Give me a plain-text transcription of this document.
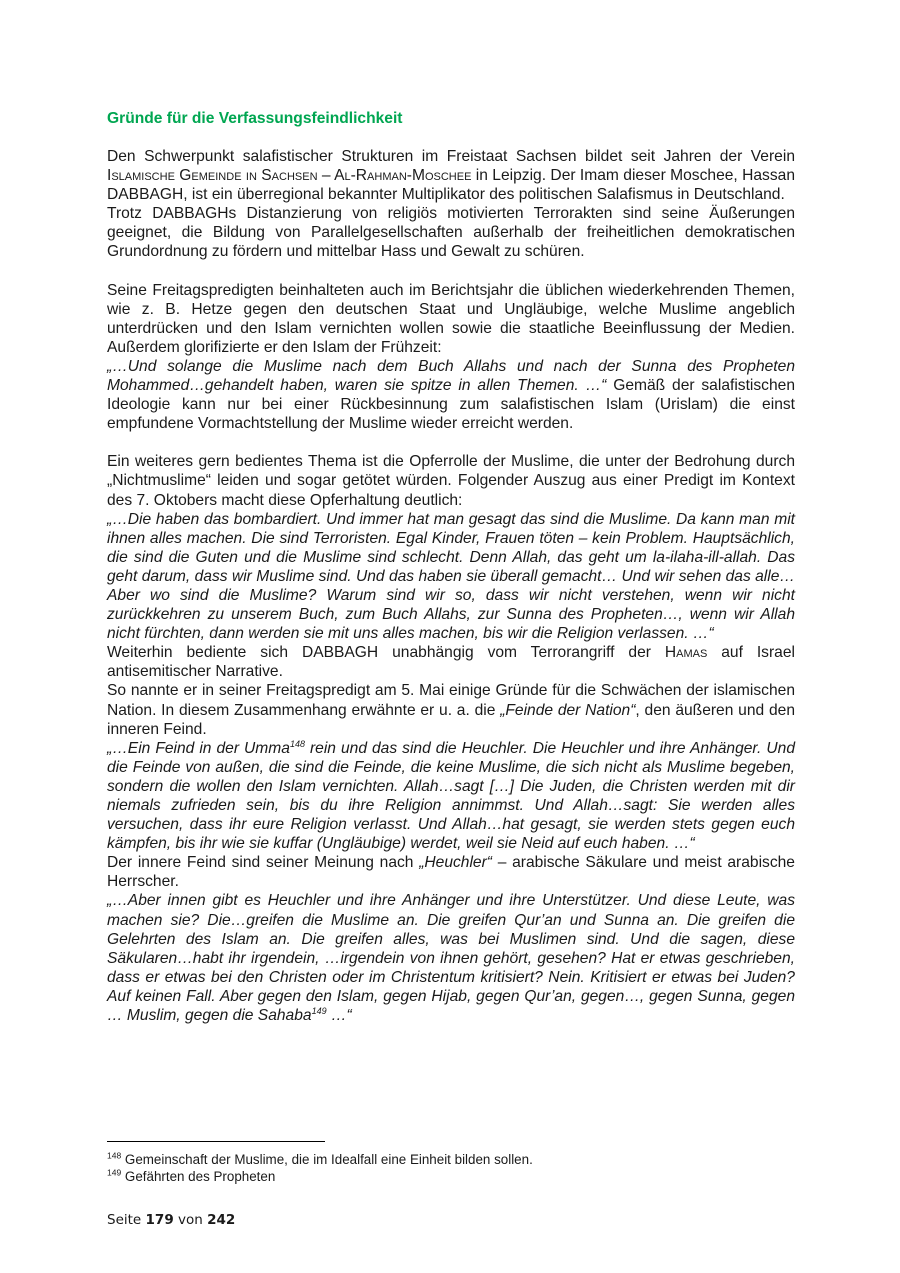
Gründe für die Verfassungsfeindlichkeit

Den Schwerpunkt salafistischer Strukturen im Freistaat Sachsen bildet seit Jahren der Verein Islamische Gemeinde in Sachsen – Al-Rahman-Moschee in Leipzig. Der Imam dieser Moschee, Hassan DABBAGH, ist ein überregional bekannter Multiplikator des politischen Salafismus in Deutschland.

Trotz DABBAGHs Distanzierung von religiös motivierten Terrorakten sind seine Äußerungen geeignet, die Bildung von Parallelgesellschaften außerhalb der freiheitlichen demokratischen Grundordnung zu fördern und mittelbar Hass und Gewalt zu schüren.

Seine Freitagspredigten beinhalteten auch im Berichtsjahr die üblichen wiederkehrenden Themen, wie z. B. Hetze gegen den deutschen Staat und Ungläubige, welche Muslime angeblich unterdrücken und den Islam vernichten wollen sowie die staatliche Beeinflussung der Medien. Außerdem glorifizierte er den Islam der Frühzeit:

„…Und solange die Muslime nach dem Buch Allahs und nach der Sunna des Propheten Mohammed…gehandelt haben, waren sie spitze in allen Themen. …“ Gemäß der salafistischen Ideologie kann nur bei einer Rückbesinnung zum salafistischen Islam (Urislam) die einst empfundene Vormachtstellung der Muslime wieder erreicht werden.

Ein weiteres gern bedientes Thema ist die Opferrolle der Muslime, die unter der Bedrohung durch „Nichtmuslime“ leiden und sogar getötet würden. Folgender Auszug aus einer Predigt im Kontext des 7. Oktobers macht diese Opferhaltung deutlich:

„…Die haben das bombardiert. Und immer hat man gesagt das sind die Muslime. Da kann man mit ihnen alles machen. Die sind Terroristen. Egal Kinder, Frauen töten – kein Problem. Hauptsächlich, die sind die Guten und die Muslime sind schlecht. Denn Allah, das geht um la-ilaha-ill-allah. Das geht darum, dass wir Muslime sind. Und das haben sie überall gemacht… Und wir sehen das alle…Aber wo sind die Muslime? Warum sind wir so, dass wir nicht verstehen, wenn wir nicht zurückkehren zu unserem Buch, zum Buch Allahs, zur Sunna des Propheten…, wenn wir Allah nicht fürchten, dann werden sie mit uns alles machen, bis wir die Religion verlassen. …“

Weiterhin bediente sich DABBAGH unabhängig vom Terrorangriff der Hamas auf Israel antisemitischer Narrative.

So nannte er in seiner Freitagspredigt am 5. Mai einige Gründe für die Schwächen der islamischen Nation. In diesem Zusammenhang erwähnte er u. a. die „Feinde der Nation“, den äußeren und den inneren Feind.

„…Ein Feind in der Umma$^{148}$ rein und das sind die Heuchler. Die Heuchler und ihre Anhänger. Und die Feinde von außen, die sind die Feinde, die keine Muslime, die sich nicht als Muslime begeben, sondern die wollen den Islam vernichten. Allah…sagt […] Die Juden, die Christen werden mit dir niemals zufrieden sein, bis du ihre Religion annimmst. Und Allah…sagt: Sie werden alles versuchen, dass ihr eure Religion verlasst. Und Allah…hat gesagt, sie werden stets gegen euch kämpfen, bis ihr wie sie kuffar (Ungläubige) werdet, weil sie Neid auf euch haben. …“

Der innere Feind sind seiner Meinung nach „Heuchler“ – arabische Säkulare und meist arabische Herrscher.

„…Aber innen gibt es Heuchler und ihre Anhänger und ihre Unterstützer. Und diese Leute, was machen sie? Die…greifen die Muslime an. Die greifen Qur’an und Sunna an. Die greifen die Gelehrten des Islam an. Die greifen alles, was bei Muslimen sind. Und die sagen, diese Säkularen…habt ihr irgendein, …irgendein von ihnen gehört, gesehen? Hat er etwas geschrieben, dass er etwas bei den Christen oder im Christentum kritisiert? Nein. Kritisiert er etwas bei Juden? Auf keinen Fall. Aber gegen den Islam, gegen Hijab, gegen Qur’an, gegen…, gegen Sunna, gegen … Muslim, gegen die Sahaba$^{149}$ …“

$^{148}$ Gemeinschaft der Muslime, die im Idealfall eine Einheit bilden sollen.
$^{149}$ Gefährten des Propheten
Seite 179 von 242
